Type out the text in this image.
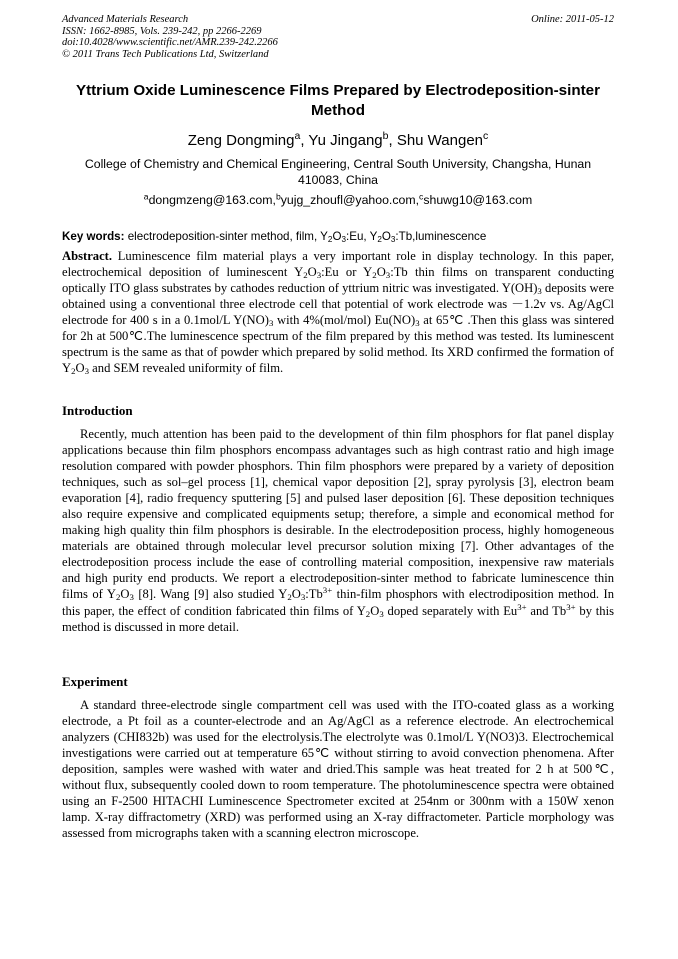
Advanced Materials Research
ISSN: 1662-8985, Vols. 239-242, pp 2266-2269
doi:10.4028/www.scientific.net/AMR.239-242.2266
© 2011 Trans Tech Publications Ltd, Switzerland
Online: 2011-05-12
Yttrium Oxide Luminescence Films Prepared by Electrodeposition-sinter Method
Zeng Dongming$^a$, Yu Jingang$^b$, Shu Wangen$^c$
College of Chemistry and Chemical Engineering, Central South University, Changsha, Hunan 410083, China
$^a$dongmzeng@163.com,$^b$yujg_zhoufl@yahoo.com,$^c$shuwg10@163.com
Key words: electrodeposition-sinter method, film, $Y_2O_3:Eu$, $Y_2O_3:Tb,luminescence$
Abstract. Luminescence film material plays a very important role in display technology. In this paper, electrochemical deposition of luminescent $Y_2O_3:Eu$ or $Y_2O_3:Tb$ thin films on transparent conducting optically ITO glass substrates by cathodes reduction of yttrium nitric was investigated. $Y(OH)_3$ deposits were obtained using a conventional three electrode cell that potential of work electrode was －1.2v vs. Ag/AgCl electrode for 400 s in a 0.1mol/L $Y(NO)_3$ with 4%(mol/mol) $Eu(NO)_3$ at 65℃ .Then this glass was sintered for 2h at 500℃.The luminescence spectrum of the film prepared by this method was tested. Its luminescent spectrum is the same as that of powder which prepared by solid method. Its XRD confirmed the formation of $Y_2O_3$ and SEM revealed uniformity of film.
Introduction
Recently, much attention has been paid to the development of thin film phosphors for flat panel display applications because thin film phosphors encompass advantages such as high contrast ratio and high image resolution compared with powder phosphors. Thin film phosphors were prepared by a variety of deposition techniques, such as sol–gel process [1], chemical vapor deposition [2], spray pyrolysis [3], electron beam evaporation [4], radio frequency sputtering [5] and pulsed laser deposition [6]. These deposition techniques also require expensive and complicated equipments setup; therefore, a simple and economical method for making high quality thin film phosphors is desirable. In the electrodeposition process, highly homogeneous materials are obtained through molecular level precursor solution mixing [7]. Other advantages of the electrodeposition process include the ease of controlling material composition, inexpensive raw materials and high purity end products. We report a electrodeposition-sinter method to fabricate luminescence thin films of $Y_2O_3$ [8]. Wang [9] also studied $Y_2O_3:Tb^{3+}$ thin-film phosphors with electrodiposition method. In this paper, the effect of condition fabricated thin films of $Y_2O_3$ doped separately with $Eu^{3+}$ and $Tb^{3+}$ by this method is discussed in more detail.
Experiment
A standard three-electrode single compartment cell was used with the ITO-coated glass as a working electrode, a Pt foil as a counter-electrode and an Ag/AgCl as a reference electrode. An electrochemical analyzers (CHI832b) was used for the electrolysis.The electrolyte was 0.1mol/L Y(NO3)3. Electrochemical investigations were carried out at temperature 65℃ without stirring to avoid convection phenomena. After deposition, samples were washed with water and dried.This sample was heat treated for 2 h at 500℃, without flux, subsequently cooled down to room temperature. The photoluminescence spectra were obtained using an F-2500 HITACHI Luminescence Spectrometer excited at 254nm or 300nm with a 150W xenon lamp. X-ray diffractometry (XRD) was performed using an X-ray diffractometer. Particle morphology was assessed from micrographs taken with a scanning electron microscope.
